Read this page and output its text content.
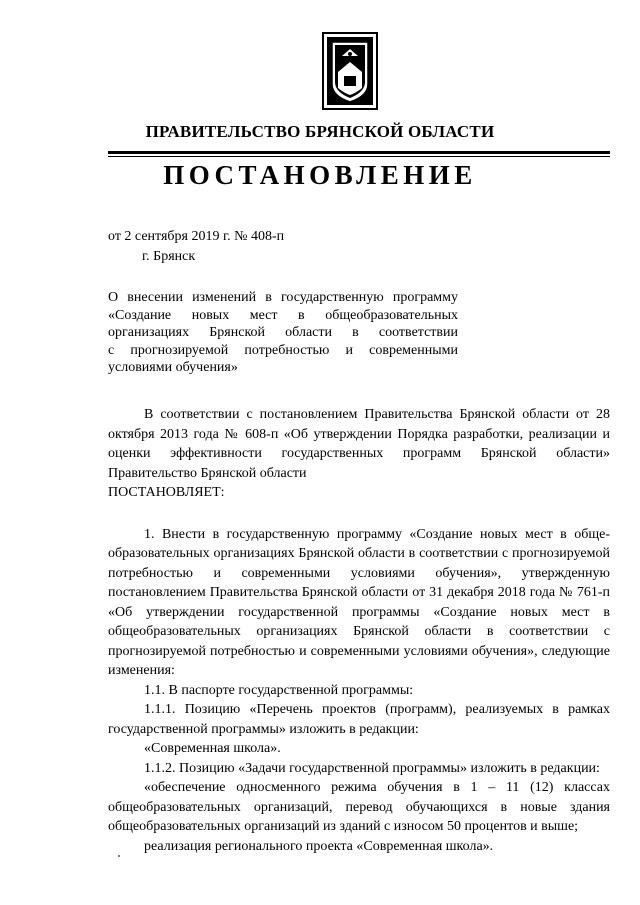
ПРАВИТЕЛЬСТВО БРЯНСКОЙ ОБЛАСТИ
ПОСТАНОВЛЕНИЕ
от 2 сентября 2019 г. № 408-п
г. Брянск
О внесении изменений в государственную программу
«Создание новых мест в общеобразовательных
организациях Брянской области в соответствии
с прогнозируемой потребностью и современными
условиями обучения»

В соответствии с постановлением Правительства Брянской области от 28 октября 2013 года № 608-п «Об утверждении Порядка разработки, реализации и оценки эффективности государственных программ Брянской области» Правительство Брянской области

ПОСТАНОВЛЯЕТ:

1. Внести в государственную программу «Создание новых мест в общеобразовательных организациях Брянской области в соответствии с прогнозируемой потребностью и современными условиями обучения», утвержденную постановлением Правительства Брянской области от 31 декабря 2018 года № 761-п «Об утверждении государственной программы «Создание новых мест в общеобразовательных организациях Брянской области в соответствии с прогнозируемой потребностью и современными условиями обучения», следующие изменения:

1.1. В паспорте государственной программы:

1.1.1. Позицию «Перечень проектов (программ), реализуемых в рамках государственной программы» изложить в редакции:

«Современная школа».

1.1.2. Позицию «Задачи государственной программы» изложить в редакции:

«обеспечение односменного режима обучения в 1 – 11 (12) классах общеобразовательных организаций, перевод обучающихся в новые здания общеобразовательных организаций из зданий с износом 50 процентов и выше;

реализация регионального проекта «Современная школа».
